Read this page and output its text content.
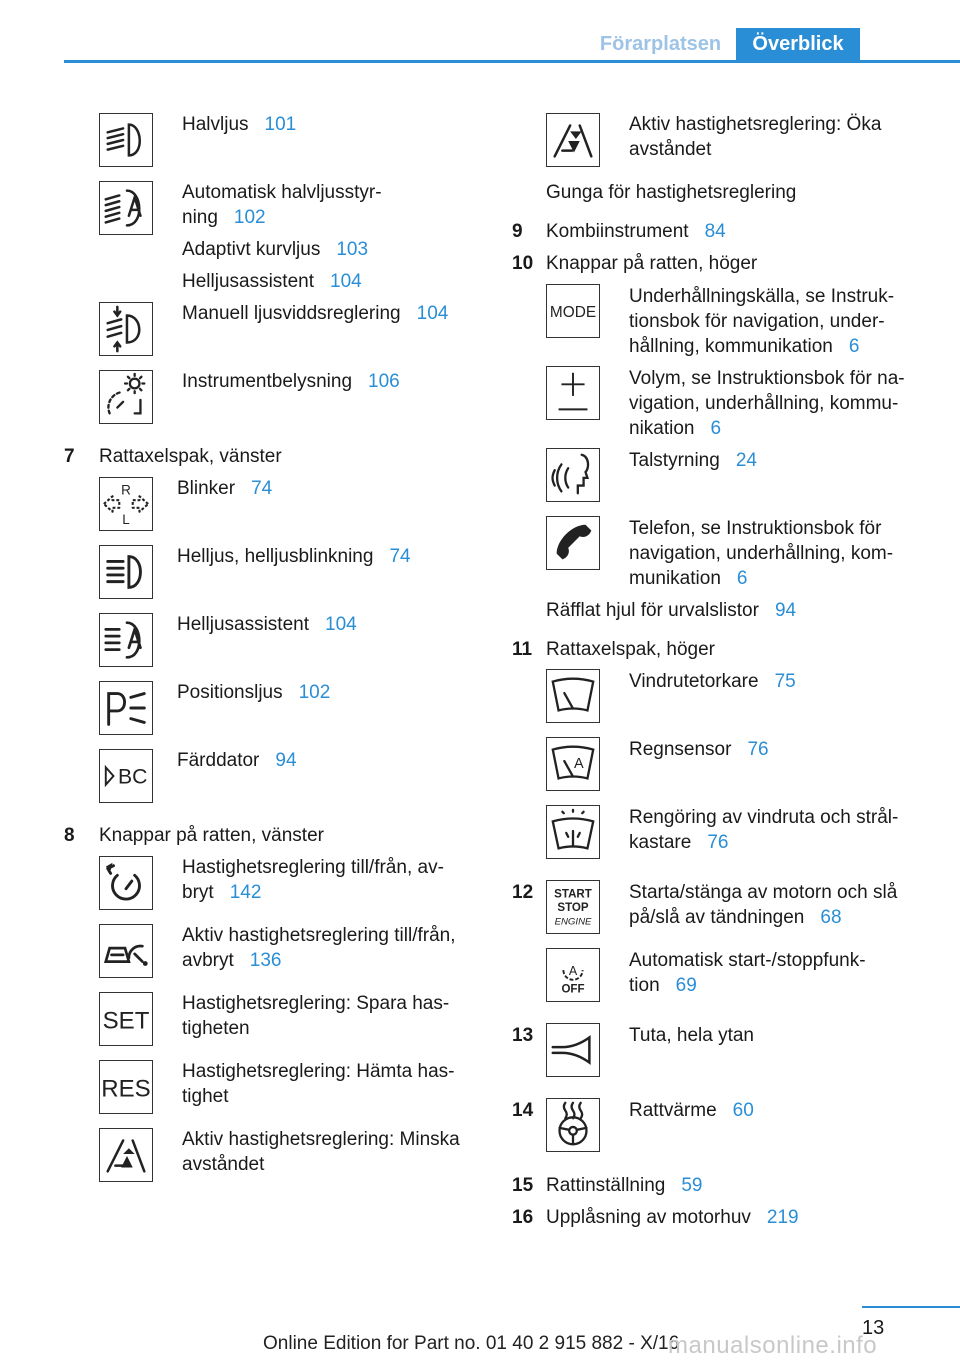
Förarplatsen	Överblick
Halvljus 101
Automatisk halvljusstyr-
ning 102
Adaptivt kurvljus 103
Helljusassistent 104
Manuell ljusviddsreglering 104
Instrumentbelysning 106
7 Rattaxelspak, vänster
R
L
Blinker 74
Helljus, helljusblinkning 74
Helljusassistent 104
Positionsljus 102
BC
Färddator 94
8 Knappar på ratten, vänster
Hastighetsreglering till/från, av-
bryt 142
Aktiv hastighetsreglering till/från,
avbryt 136
SET
Hastighetsreglering: Spara has-
tigheten
RES
Hastighetsreglering: Hämta has-
tighet
Aktiv hastighetsreglering: Minska
avståndet
Aktiv hastighetsreglering: Öka
avståndet
Gunga för hastighetsreglering
9 Kombiinstrument 84
10 Knappar på ratten, höger
MODE
Underhållningskälla, se Instruk-
tionsbok för navigation, under-
hållning, kommunikation 6
Volym, se Instruktionsbok för na-
vigation, underhållning, kommu-
nikation 6
Talstyrning 24
Telefon, se Instruktionsbok för
navigation, underhållning, kom-
munikation 6
Räfflat hjul för urvalslistor 94
11 Rattaxelspak, höger
Vindrutetorkare 75
A
Regnsensor 76
Rengöring av vindruta och strål-
kastare 76
12 START
STOP
ENGINE
Starta/stänga av motorn och slå
på/slå av tändningen 68
A
OFF
Automatisk start-/stoppfunk-
tion 69
13	Tuta, hela ytan
14	Rattvärme 60
15 Rattinställning 59
16 Upplåsning av motorhuv 219
13
Online Edition for Part no. 01 40 2 915 882 - X/16
manualsonline.info
